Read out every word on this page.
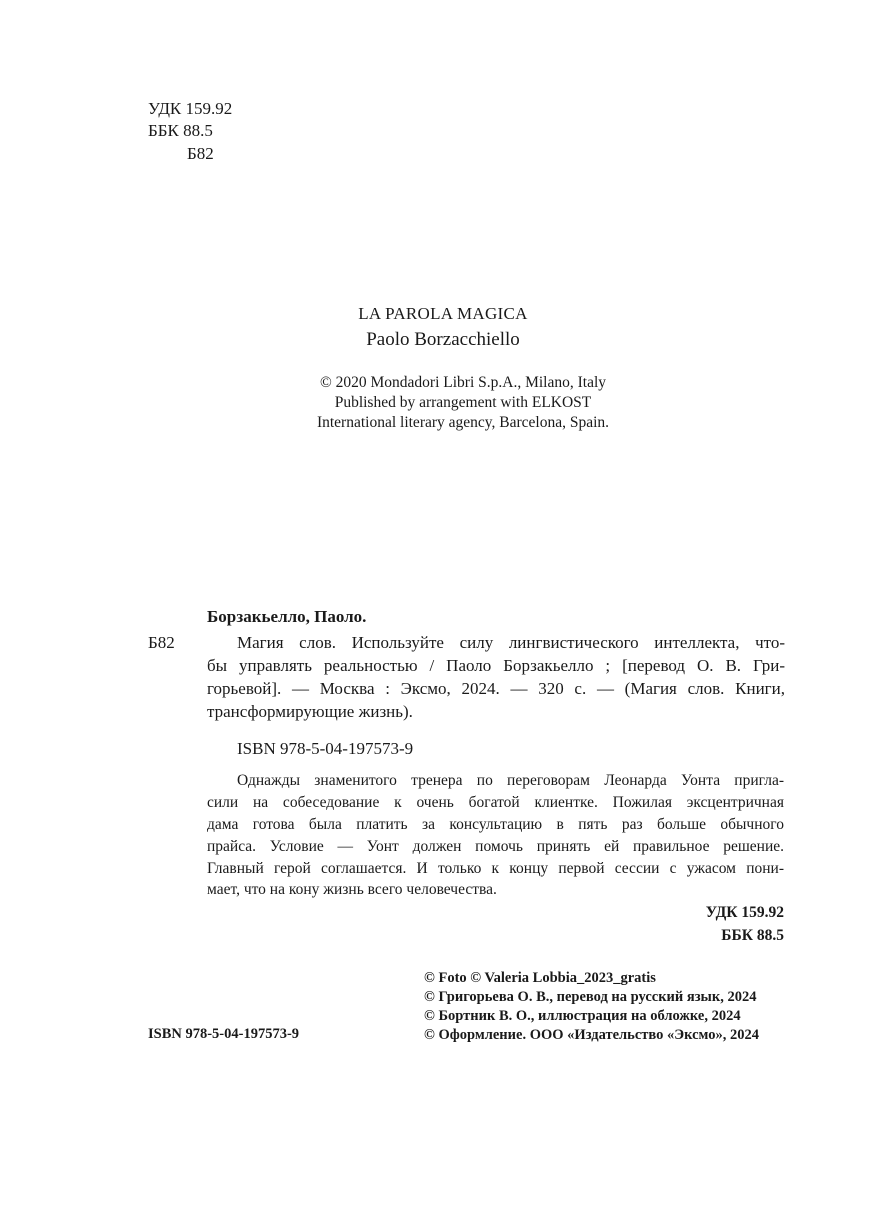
УДК 159.92
ББК 88.5
Б82
LA PAROLA MAGICA
Paolo Borzacchiello
© 2020 Mondadori Libri S.p.A., Milano, Italy
Published by arrangement with ELKOST
International literary agency, Barcelona, Spain.
Борзакьелло, Паоло.
Б82	Магия слов. Используйте силу лингвистического интеллекта, что-
бы управлять реальностью / Паоло Борзакьелло ; [перевод О. В. Гри-
горьевой]. — Москва : Эксмо, 2024. — 320 с. — (Магия слов. Книги,
трансформирующие жизнь).
ISBN 978-5-04-197573-9
Однажды знаменитого тренера по переговорам Леонарда Уонта пригла-
сили на собеседование к очень богатой клиентке. Пожилая эксцентричная
дама готова была платить за консультацию в пять раз больше обычного
прайса. Условие — Уонт должен помочь принять ей правильное решение.
Главный герой соглашается. И только к концу первой сессии с ужасом пони-
мает, что на кону жизнь всего человечества.
УДК 159.92
ББК 88.5
© Foto © Valeria Lobbia_2023_gratis
© Григорьева О. В., перевод на русский язык, 2024
© Бортник В. О., иллюстрация на обложке, 2024
© Оформление. ООО «Издательство «Эксмо», 2024
ISBN 978-5-04-197573-9
